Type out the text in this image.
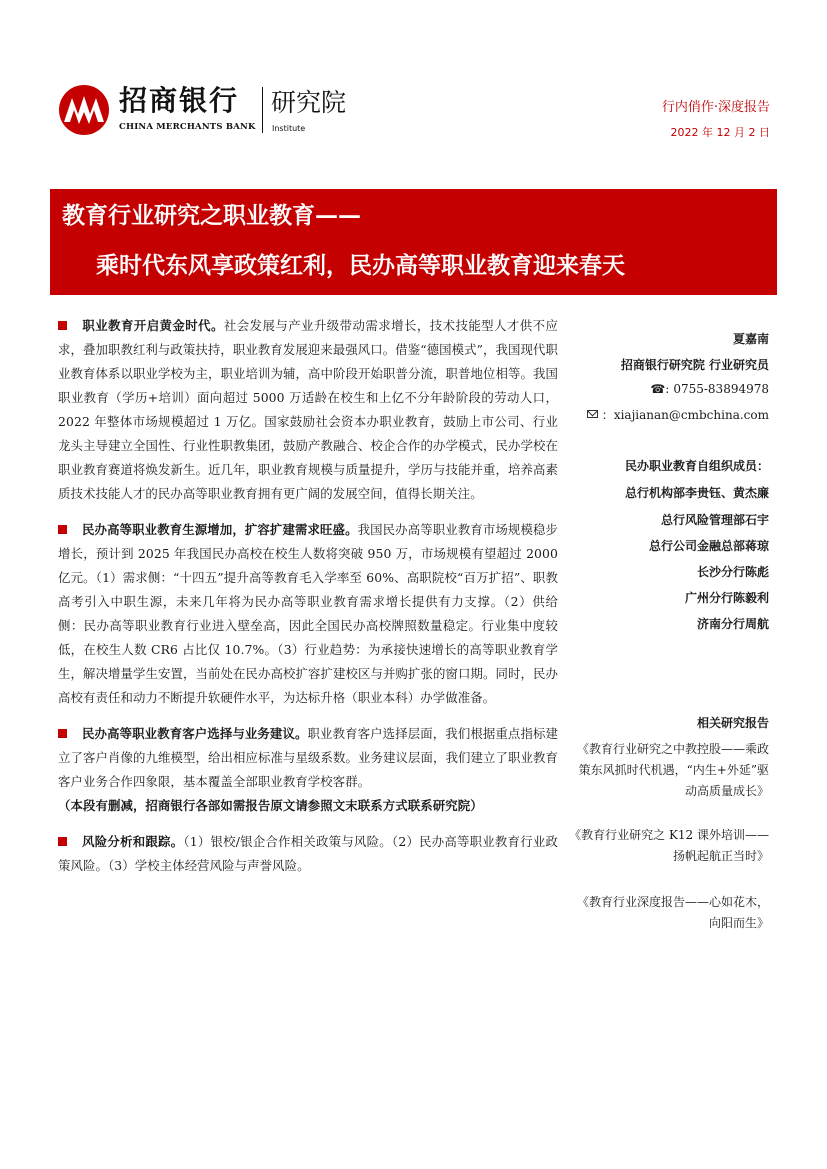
招商银行
CHINA MERCHANTS BANK
研究院
Institute
行内俏作·深度报告
2022 年 12 月 2 日
教育行业研究之职业教育——
乘时代东风享政策红利，民办高等职业教育迎来春天

职业教育开启黄金时代。社会发展与产业升级带动需求增长，技术技能型人才供不应求，叠加职教红利与政策扶持，职业教育发展迎来最强风口。借鉴“德国模式”，我国现代职业教育体系以职业学校为主，职业培训为辅，高中阶段开始职普分流，职普地位相等。我国职业教育（学历+培训）面向超过 5000 万适龄在校生和上亿不分年龄阶段的劳动人口，2022 年整体市场规模超过 1 万亿。国家鼓励社会资本办职业教育，鼓励上市公司、行业龙头主导建立全国性、行业性职教集团，鼓励产教融合、校企合作的办学模式，民办学校在职业教育赛道将焕发新生。近几年，职业教育规模与质量提升，学历与技能并重，培养高素质技术技能人才的民办高等职业教育拥有更广阔的发展空间，值得长期关注。

民办高等职业教育生源增加，扩容扩建需求旺盛。我国民办高等职业教育市场规模稳步增长，预计到 2025 年我国民办高校在校生人数将突破 950 万，市场规模有望超过 2000 亿元。（1）需求侧：“十四五”提升高等教育毛入学率至 60%、高职院校“百万扩招”、职教高考引入中职生源，未来几年将为民办高等职业教育需求增长提供有力支撑。（2）供给侧：民办高等职业教育行业进入壁垒高，因此全国民办高校牌照数量稳定。行业集中度较低，在校生人数 CR6 占比仅 10.7%。（3）行业趋势：为承接快速增长的高等职业教育学生，解决增量学生安置，当前处在民办高校扩容扩建校区与并购扩张的窗口期。同时，民办高校有责任和动力不断提升软硬件水平，为达标升格（职业本科）办学做准备。

民办高等职业教育客户选择与业务建议。职业教育客户选择层面，我们根据重点指标建立了客户肖像的九维模型，给出相应标准与星级系数。业务建议层面，我们建立了职业教育客户业务合作四象限，基本覆盖全部职业教育学校客群。
（本段有删减，招商银行各部如需报告原文请参照文末联系方式联系研究院）

风险分析和跟踪。（1）银校/银企合作相关政策与风险。（2）民办高等职业教育行业政策风险。（3）学校主体经营风险与声誉风险。

夏嘉南
招商银行研究院 行业研究员
☎: 0755-83894978
：xiajianan@cmbchina.com
民办职业教育自组织成员：
总行机构部李贵钰、黄杰廉
总行风险管理部石宇
总行公司金融总部蒋琼
长沙分行陈彪
广州分行陈毅利
济南分行周航
相关研究报告
《教育行业研究之中教控股——乘政策东风抓时代机遇，“内生+外延”驱动高质量成长》
《教育行业研究之 K12 课外培训——扬帆起航正当时》
《教育行业深度报告——心如花木，向阳而生》
